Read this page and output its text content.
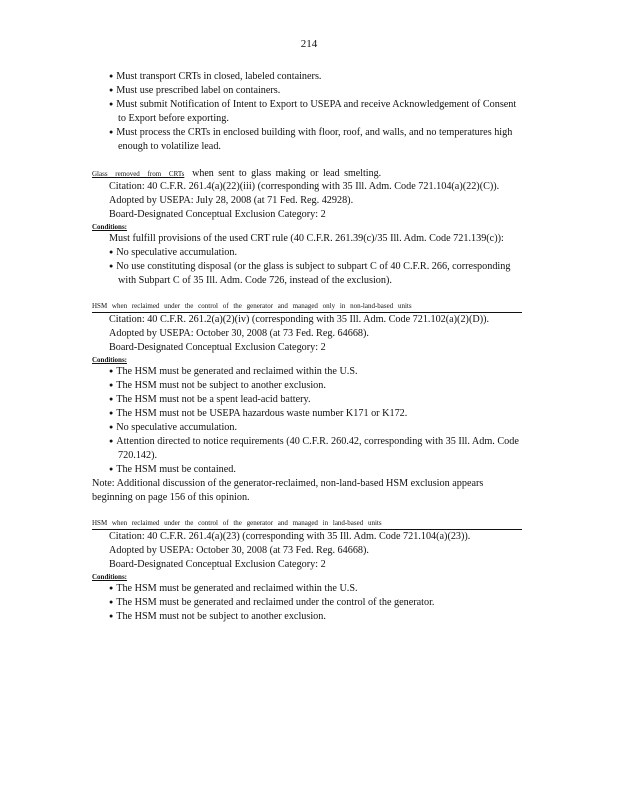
214
● Must transport CRTs in closed, labeled containers.
● Must use prescribed label on containers.
● Must submit Notification of Intent to Export to USEPA and receive Acknowledgement of Consent to Export before exporting.
● Must process the CRTs in enclosed building with floor, roof, and walls, and no temperatures high enough to volatilize lead.
Glass removed from CRTs when sent to glass making or lead smelting.
Citation: 40 C.F.R. 261.4(a)(22)(iii) (corresponding with 35 Ill. Adm. Code 721.104(a)(22)(C)).
Adopted by USEPA: July 28, 2008 (at 71 Fed. Reg. 42928).
Board-Designated Conceptual Exclusion Category: 2
Conditions:
Must fulfill provisions of the used CRT rule (40 C.F.R. 261.39(c)/35 Ill. Adm. Code 721.139(c)):
● No speculative accumulation.
● No use constituting disposal (or the glass is subject to subpart C of 40 C.F.R. 266, corresponding with Subpart C of 35 Ill. Adm. Code 726, instead of the exclusion).
HSM when reclaimed under the control of the generator and managed only in non-land-based units
Citation: 40 C.F.R. 261.2(a)(2)(iv) (corresponding with 35 Ill. Adm. Code 721.102(a)(2)(D)).
Adopted by USEPA: October 30, 2008 (at 73 Fed. Reg. 64668).
Board-Designated Conceptual Exclusion Category: 2
Conditions:
● The HSM must be generated and reclaimed within the U.S.
● The HSM must not be subject to another exclusion.
● The HSM must not be a spent lead-acid battery.
● The HSM must not be USEPA hazardous waste number K171 or K172.
● No speculative accumulation.
● Attention directed to notice requirements (40 C.F.R. 260.42, corresponding with 35 Ill. Adm. Code 720.142).
● The HSM must be contained.
Note: Additional discussion of the generator-reclaimed, non-land-based HSM exclusion appears beginning on page 156 of this opinion.
HSM when reclaimed under the control of the generator and managed in land-based units
Citation: 40 C.F.R. 261.4(a)(23) (corresponding with 35 Ill. Adm. Code 721.104(a)(23)).
Adopted by USEPA: October 30, 2008 (at 73 Fed. Reg. 64668).
Board-Designated Conceptual Exclusion Category: 2
Conditions:
● The HSM must be generated and reclaimed within the U.S.
● The HSM must be generated and reclaimed under the control of the generator.
● The HSM must not be subject to another exclusion.
